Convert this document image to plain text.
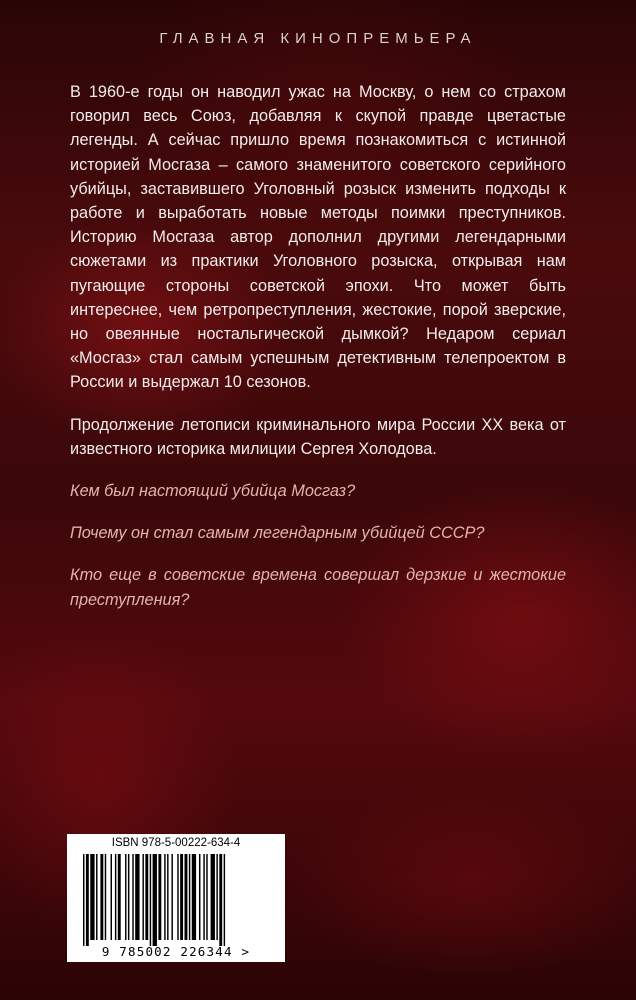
ГЛАВНАЯ КИНОПРЕМЬЕРА

В 1960-е годы он наводил ужас на Москву, о нем со страхом говорил весь Союз, добавляя к скупой правде цветастые легенды. А сейчас пришло время познакомиться с истинной историей Мосгаза – самого знаменитого советского серийного убийцы, заставившего Уголовный розыск изменить подходы к работе и выработать новые методы поимки преступников. Историю Мосгаза автор дополнил другими легендарными сюжетами из практики Уголовного розыска, открывая нам пугающие стороны советской эпохи. Что может быть интереснее, чем ретропреступления, жестокие, порой зверские, но овеянные ностальгической дымкой? Недаром сериал «Мосгаз» стал самым успешным детективным телепроектом в России и выдержал 10 сезонов.

Продолжение летописи криминального мира России XX века от известного историка милиции Сергея Холодова.

Кем был настоящий убийца Мосгаз?

Почему он стал самым легендарным убийцей СССР?

Кто еще в советские времена совершал дерзкие и жестокие преступления?

ISBN 978-5-00222-634-4
9 785002 226344 >
